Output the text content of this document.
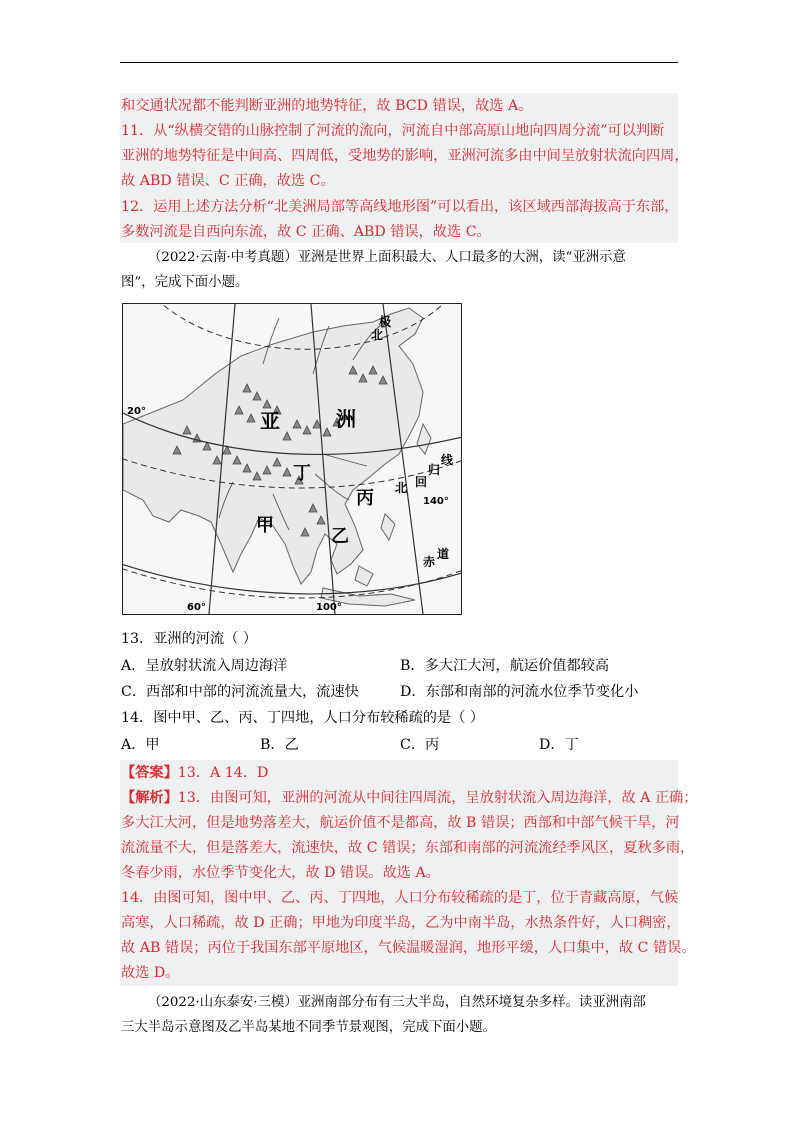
和交通状况都不能判断亚洲的地势特征，故 BCD 错误，故选 A。
11．从“纵横交错的山脉控制了河流的流向，河流自中部高原山地向四周分流”可以判断
亚洲的地势特征是中间高、四周低，受地势的影响，亚洲河流多由中间呈放射状流向四周，
故 ABD 错误、C 正确，故选 C。
12．运用上述方法分析“北美洲局部等高线地形图”可以看出，该区域西部海拔高于东部，
多数河流是自西向东流，故 C 正确、ABD 错误，故选 C。
（2022·云南·中考真题）亚洲是世界上面积最大、人口最多的大洲，读“亚洲示意
图”，完成下面小题。
亚	洲
丁
丙
甲
乙
北
极
北 回
归
线
赤
道
20°
140°
60°	100°
13．亚洲的河流（ ）
A．呈放射状流入周边海洋	B．多大江大河，航运价值都较高
C．西部和中部的河流流量大，流速快	D．东部和南部的河流水位季节变化小
14．图中甲、乙、丙、丁四地，人口分布较稀疏的是（ ）
A．甲	B．乙	C．丙	D．丁
【答案】13．A 14．D
【解析】13．由图可知，亚洲的河流从中间往四周流，呈放射状流入周边海洋，故 A 正确；
多大江大河，但是地势落差大，航运价值不是都高，故 B 错误；西部和中部气候干旱，河
流流量不大，但是落差大，流速快，故 C 错误；东部和南部的河流流经季风区，夏秋多雨，
冬春少雨，水位季节变化大，故 D 错误。故选 A。
14．由图可知，图中甲、乙、丙、丁四地，人口分布较稀疏的是丁，位于青藏高原，气候
高寒，人口稀疏，故 D 正确；甲地为印度半岛，乙为中南半岛，水热条件好，人口稠密，
故 AB 错误；丙位于我国东部平原地区，气候温暖湿润，地形平缓，人口集中，故 C 错误。
故选 D。
（2022·山东泰安·三模）亚洲南部分布有三大半岛，自然环境复杂多样。读亚洲南部
三大半岛示意图及乙半岛某地不同季节景观图，完成下面小题。
